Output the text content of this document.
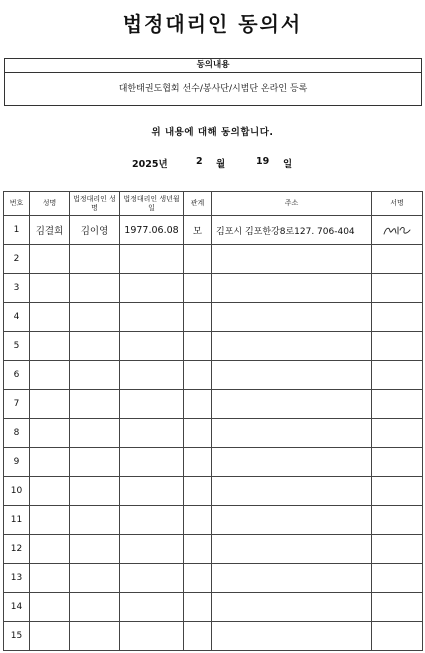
법정대리인 동의서
동의내용
대한태권도협회 선수/봉사단/시범단 온라인 등록
위 내용에 대해 동의합니다.
2025년	2 월	19 일
번호	성명	법정대리인 성명	법정대리인 생년월일	관계	주소	서명
1	김결희	김이영	1977.06.08	모	김포시 김포한강8로127. 706-404	

2						
3						
4						
5						
6						
7						
8						
9						
10						
11						
12						
13						
14						
15						
